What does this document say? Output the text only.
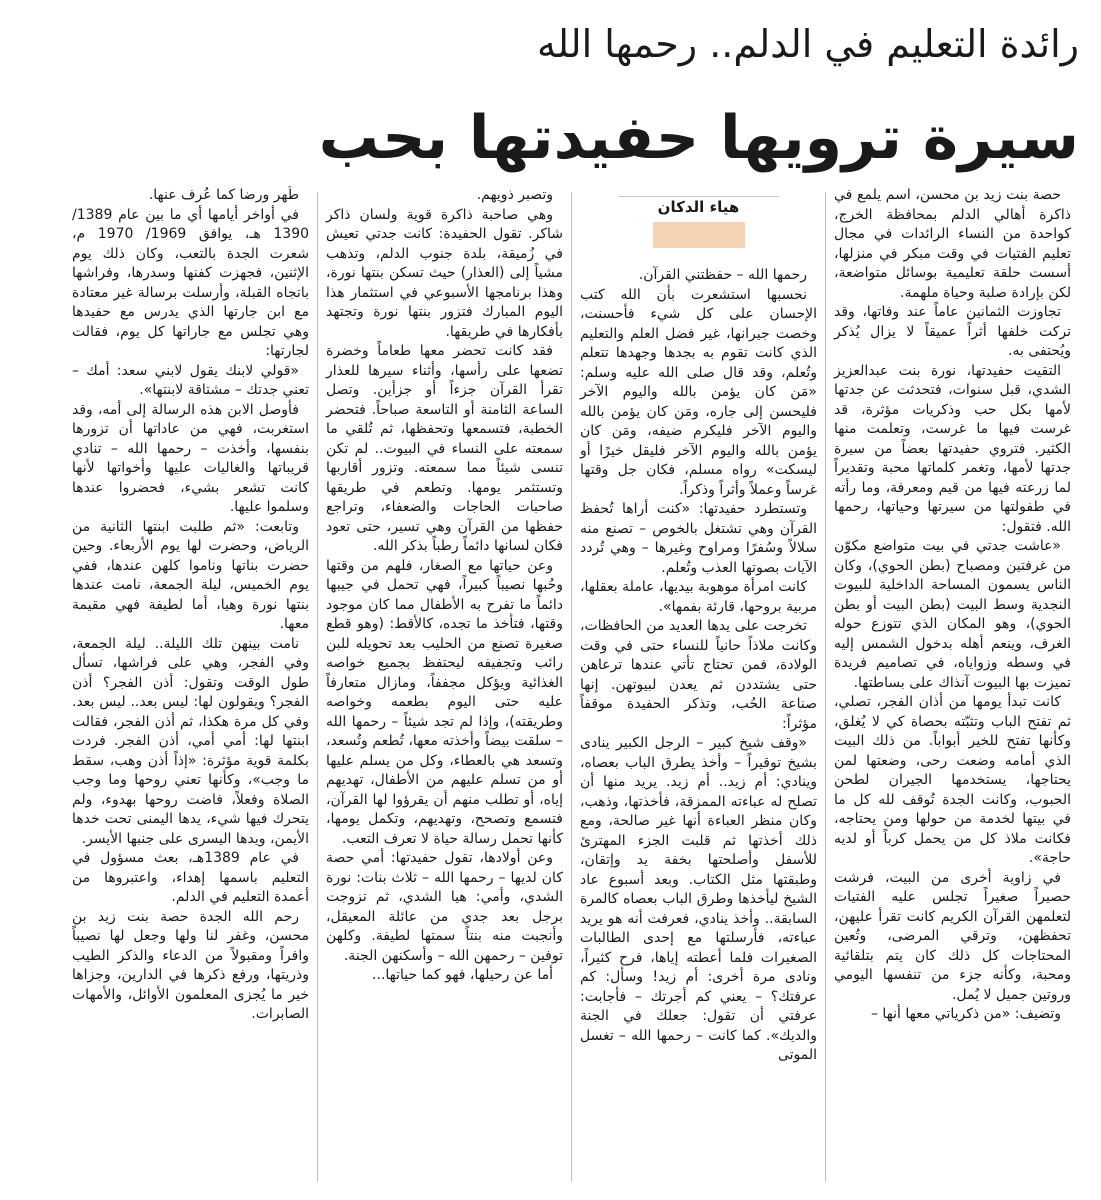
رائدة التعليم في الدلم.. رحمها الله
سيرة ترويها حفيدتها بحب

حصة بنت زيد بن محسن، اسم يلمع في ذاكرة أهالي الدلم بمحافظة الخرج، كواحدة من النساء الرائدات في مجال تعليم الفتيات في وقت مبكر في منزلها، أسست حلقة تعليمية بوسائل متواضعة، لكن بإرادة صلبة وحياة ملهمة.

تجاوزت الثمانين عاماً عند وفاتها، وقد تركت خلفها أثراً عميقاً لا يزال يُذكر ويُحتفى به.

التقيت حفيدتها، نورة بنت عبدالعزيز الشدي، قبل سنوات، فتحدثت عن جدتها لأمها بكل حب وذكريات مؤثرة، قد غرست فيها ما غرست، وتعلمت منها الكثير. فتروي حفيدتها بعضاً من سيرة جدتها لأمها، وتغمر كلماتها محبة وتقديراً لما زرعته فيها من قيم ومعرفة، وما رأته في طفولتها من سيرتها وحياتها، رحمها الله. فتقول:

«عاشت جدتي في بيت متواضع مكوّن من غرفتين ومصباح (بطن الحوي)، وكان الناس يسمون المساحة الداخلية للبيوت النجدية وسط البيت (بطن البيت أو بطن الحوي)، وهو المكان الذي تتوزع حوله الغرف، وينعم أهله بدخول الشمس إليه في وسطه وزواياه، في تصاميم فريدة تميزت بها البيوت آنذاك على بساطتها.

كانت تبدأ يومها من أذان الفجر، تصلي، ثم تفتح الباب وتثبّته بحصاة كي لا يُغلق، وكأنها تفتح للخير أبواباً. من ذلك البيت الذي أمامه وضعت رحى، وضعتها لمن يحتاجها، يستخدمها الجيران لطحن الحبوب، وكانت الجدة تُوقف لله كل ما في بيتها لخدمة من حولها ومن يحتاجه، فكانت ملاذ كل من يحمل كرباً أو لديه حاجة».

في زاوية أخرى من البيت، فرشت حصيراً صغيراً تجلس عليه الفتيات لتعلمهن القرآن الكريم كانت تقرأ عليهن، تحفظهن، وترقي المرضى، وتُعين المحتاجات كل ذلك كان يتم بتلقائية ومحبة، وكأنه جزء من تنفسها اليومي وروتين جميل لا يُمل.

وتضيف: «من ذكرياتي معها أنها –

هياء الدكان

رحمها الله – حفظتني القرآن.

نحسبها استشعرت بأن الله كتب الإحسان على كل شيء فأحسنت، وخصت جيرانها، غير فضل العلم والتعليم الذي كانت تقوم به بجدها وجهدها تتعلم وتُعلم، وقد قال صلى الله عليه وسلم: «مَن كان يؤمن بالله واليوم الآخر فليحسن إلى جاره، ومَن كان يؤمن بالله واليوم الآخر فليكرم ضيفه، ومَن كان يؤمن بالله واليوم الآخر فليقل خيرًا أو ليسكت» رواه مسلم، فكان جل وقتها غرساً وعملاً وأثراً وذكراً.

وتستطرد حفيدتها: «كنت أراها تُحفظ القرآن وهي تشتغل بالخوص – تصنع منه سلالاً وسُفرًا ومراوح وغيرها – وهي تُردد الآيات بصوتها العذب وتُعلم.

كانت امرأة موهوبة بيديها، عاملة بعقلها، مربية بروحها، قارئة بفمها».

تخرجت على يدها العديد من الحافظات، وكانت ملاذاً حانياً للنساء حتى في وقت الولادة، فمن تحتاج تأتي عندها ترعاهن حتى يشتددن ثم يعدن لبيوتهن. إنها صناعة الحُب، وتذكر الحفيدة موقفاً مؤثراً:

«وقف شيخ كبير – الرجل الكبير ينادى بشيخ توقيراً – وأخذ يطرق الباب بعصاه، وينادي: أم زيد.. أم زيد. يريد منها أن تصلح له عباءته الممزقة، فأخذتها، وذهب، وكان منظر العباءة أنها غير صالحة، ومع ذلك أخذتها ثم قلبت الجزء المهترئ للأسفل وأصلحتها بخفة يد وإتقان، وطبقتها مثل الكتاب. وبعد أسبوع عاد الشيخ ليأخذها وطرق الباب بعصاه كالمرة السابقة.. وأخذ ينادي، فعرفت أنه هو يريد عباءته، فأرسلتها مع إحدى الطالبات الصغيرات فلما أعطته إياها، فرح كثيراً، ونادى مرة أخرى: أم زيد! وسأل: كم عرفتك؟ – يعني كم أجرتك – فأجابت: عرفتي أن تقول: جعلك في الجنة والديك». كما كانت – رحمها الله – تغسل الموتى

وتصبر ذويهم.

وهي صاحبة ذاكرة قوية ولسان ذاكر شاكر. تقول الحفيدة: كانت جدتي تعيش في زُميقة، بلدة جنوب الدلم، وتذهب مشياً إلى (العذار) حيث تسكن بنتها نورة، وهذا برنامجها الأسبوعي في استثمار هذا اليوم المبارك فتزور بنتها نورة وتجتهد بأفكارها في طريقها.

فقد كانت تحضر معها طعاماً وخضرة تضعها على رأسها، وأثناء سيرها للعذار تقرأ القرآن جزءاً أو جزأين. وتصل الساعة الثامنة أو التاسعة صباحاً. فتحضر الخطبة، فتسمعها وتحفظها، ثم تُلقي ما سمعته على النساء في البيوت.. لم تكن تنسى شيئاً مما سمعته. وتزور أقاربها وتستثمر يومها. وتطعم في طريقها صاحبات الحاجات والضعفاء، وتراجع حفظها من القرآن وهي تسير، حتى تعود فكان لسانها دائماً رطباً بذكر الله.

وعن حياتها مع الصغار، فلهم من وقتها وحُبها نصيباً كبيراً، فهي تحمل في جيبها دائماً ما تفرح به الأطفال مما كان موجود وقتها، فتأخذ ما تجده، كالأقط: (وهو قطع صغيرة تصنع من الحليب بعد تحويله للبن رائب وتجفيفه ليحتفظ بجميع خواصه الغذائية ويؤكل مجففاً، ومازال متعارفاً عليه حتى اليوم بطعمه وخواصه وطريقته)، وإذا لم تجد شيئاً – رحمها الله – سلقت بيضاً وأخذته معها، تُطعم وتُسعد، وتسعد هي بالعطاء، وكل من يسلم عليها أو من تسلم عليهم من الأطفال، تهديهم إياه، أو تطلب منهم أن يقرؤوا لها القرآن، فتسمع وتصحح، وتهديهم، وتكمل يومها، كأنها تحمل رسالة حياة لا تعرف التعب.

وعن أولادها، تقول حفيدتها: أمي حصة كان لديها – رحمها الله – ثلاث بنات: نورة الشدي، وأمي: هيا الشدي، ثم تزوجت برجل بعد جدي من عائلة المعيقل، وأنجبت منه بنتاً سمتها لطيفة. وكلهن توفين – رحمهن الله – وأسكنهن الجنة.

أما عن رحيلها، فهو كما حياتها...

طُهر ورضا كما عُرف عنها.

في أواخر أيامها أي ما بين عام 1389/ 1390 هـ، يوافق 1969/ 1970 م، شعرت الجدة بالتعب، وكان ذلك يوم الإثنين، فجهزت كفنها وسدرها، وفراشها باتجاه القبلة، وأرسلت برسالة غير معتادة مع ابن جارتها الذي يدرس مع حفيدها وهي تجلس مع جاراتها كل يوم، فقالت لجارتها:

«قولي لابنك يقول لابني سعد: أمك – تعني جدتك – مشتاقة لابنتها».

فأوصل الابن هذه الرسالة إلى أمه، وقد استغربت، فهي من عاداتها أن تزورها بنفسها، وأخذت – رحمها الله – تنادي قريباتها والغاليات عليها وأخواتها لأنها كانت تشعر بشيء، فحضروا عندها وسلموا عليها.

وتابعت: «ثم طلبت ابنتها الثانية من الرياض، وحضرت لها يوم الأربعاء. وحين حضرت بناتها وناموا كلهن عندها، ففي يوم الخميس، ليلة الجمعة، نامت عندها بنتها نورة وهيا، أما لطيفة فهي مقيمة معها.

نامت بينهن تلك الليلة.. ليلة الجمعة، وفي الفجر، وهي على فراشها، تسأل طول الوقت وتقول: أذن الفجر؟ أذن الفجر؟ ويقولون لها: ليس بعد.. ليس بعد. وفي كل مرة هكذا، ثم أذن الفجر، فقالت ابنتها لها: أمي أمي، أذن الفجر. فردت بكلمة قوية مؤثرة: «إذاً أذن وهب، سقط ما وجب»، وكأنها تعني روحها وما وجب الصلاة وفعلاً، فاضت روحها بهدوء، ولم يتحرك فيها شيء، يدها اليمنى تحت خدها الأيمن، ويدها اليسرى على جنبها الأيسر.

في عام 1389هـ، بعث مسؤول في التعليم باسمها إهداء، واعتبروها من أعمدة التعليم في الدلم.

رحم الله الجدة حصة بنت زيد بن محسن، وغفر لنا ولها وجعل لها نصيباً وافراً ومقبولاً من الدعاء والذكر الطيب وذريتها، ورفع ذكرها في الدارين، وجزاها خير ما يُجزى المعلمون الأوائل، والأمهات الصابرات.
